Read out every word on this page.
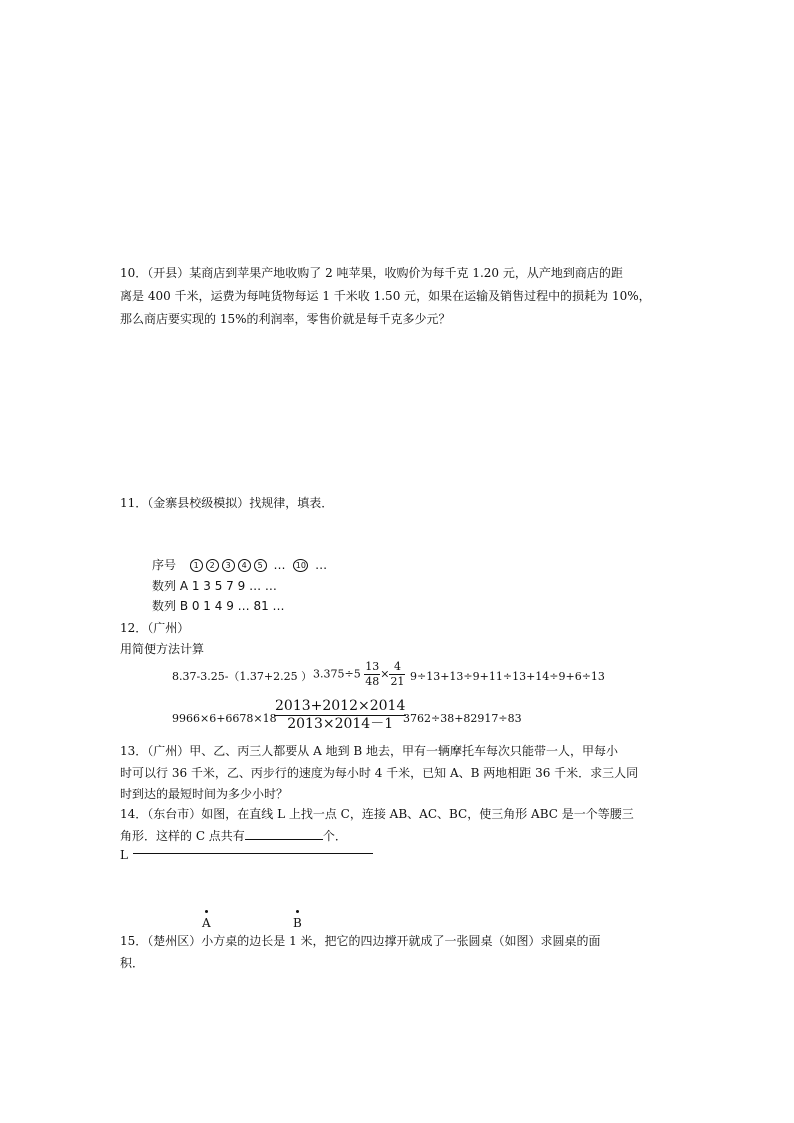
10．（开县）某商店到苹果产地收购了 2 吨苹果，收购价为每千克 1.20 元，从产地到商店的距
离是 400 千米，运费为每吨货物每运 1 千米收 1.50 元，如果在运输及销售过程中的损耗为 10%，
那么商店要实现的 15%的利润率，零售价就是每千克多少元？
11．（金寨县校级模拟）找规律，填表．
序号 1 2 3 4 5 … 10 …
数列 A 1 3 5 7 9 … …
数列 B 0 1 4 9 … 81 …
12．（广州）
用简便方法计算
8.37-3.25-（1.37+2.25 ） $3.375\div 5 \frac{13}{48} \times \frac{4}{21} 9\div 13+13\div 9+11\div 13+14\div 9+6\div 13$
9966×6+6678×18
$\frac{2013+2012\times 2014}{2013\times 2014-1}$
3762÷38+82917÷83
13．（广州）甲、乙、丙三人都要从 A 地到 B 地去，甲有一辆摩托车每次只能带一人，甲每小
时可以行 36 千米，乙、丙步行的速度为每小时 4 千米，已知 A、B 两地相距 36 千米．求三人同
时到达的最短时间为多少小时？
14．（东台市）如图，在直线 L 上找一点 C，连接 AB、AC、BC，使三角形 ABC 是一个等腰三
角形．这样的 C 点共有	个．
L
A	B
15．（楚州区）小方桌的边长是 1 米，把它的四边撑开就成了一张圆桌（如图）求圆桌的面
积．
